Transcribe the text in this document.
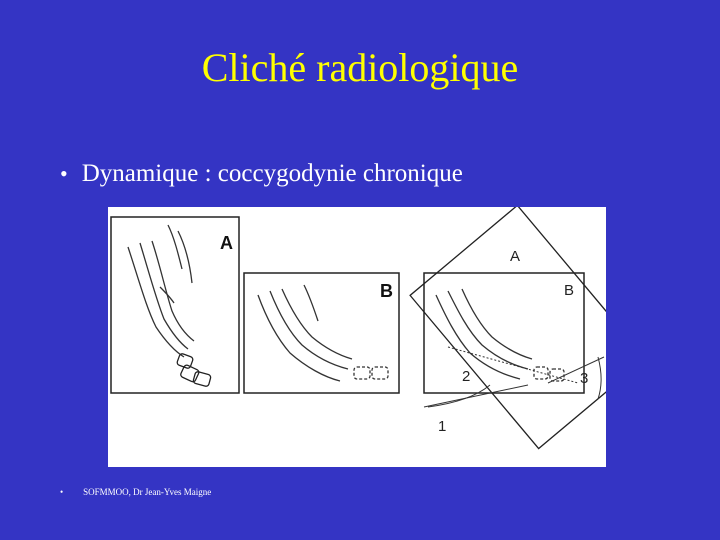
Cliché radiologique
• Dynamique : coccygodynie chronique
A
B
A
B
1
2	3
• SOFMMOO, Dr Jean-Yves Maigne
